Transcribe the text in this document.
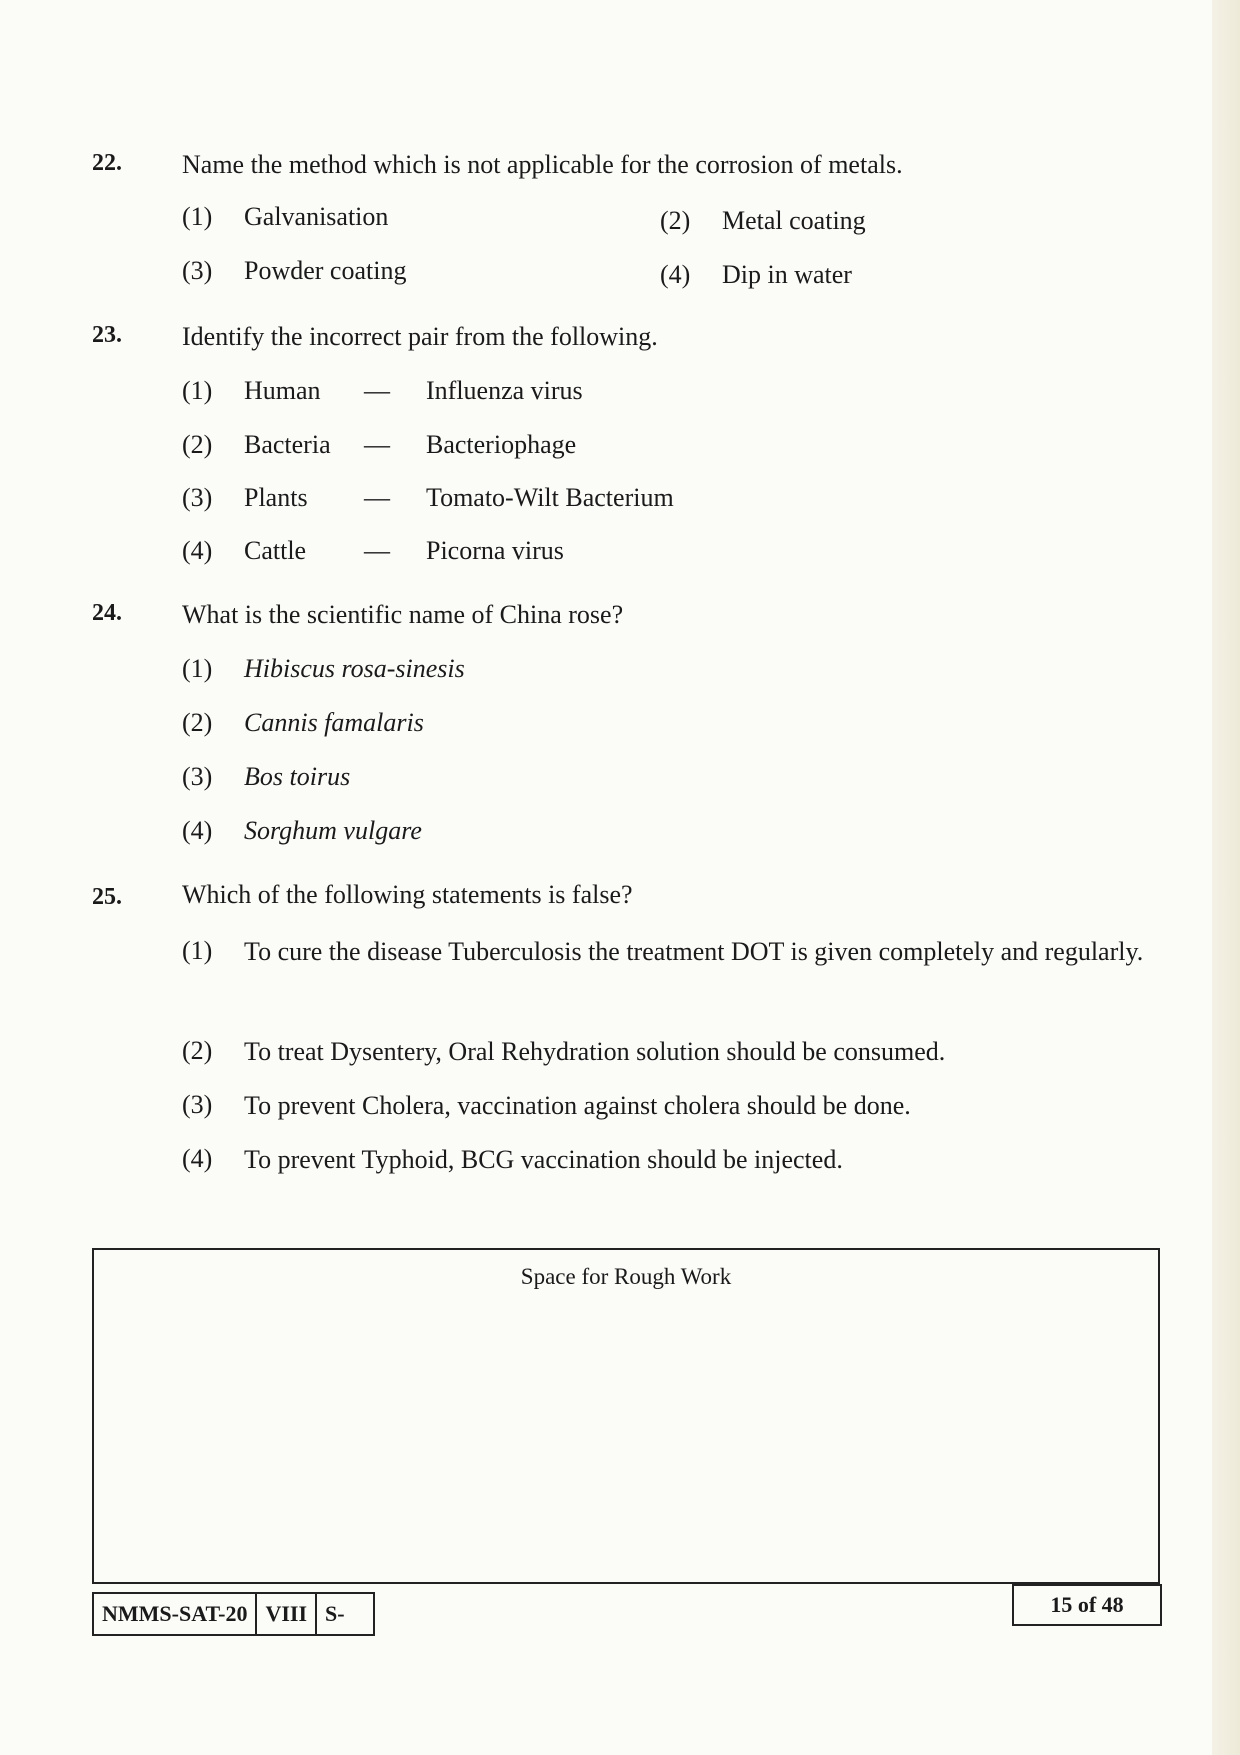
22. Name the method which is not applicable for the corrosion of metals.
(1) Galvanisation	(2) Metal coating
(3) Powder coating	(4) Dip in water
23. Identify the incorrect pair from the following.
(1) Human — Influenza virus
(2) Bacteria — Bacteriophage
(3) Plants — Tomato-Wilt Bacterium
(4) Cattle — Picorna virus
24. What is the scientific name of China rose?
(1) Hibiscus rosa-sinesis
(2) Cannis famalaris
(3) Bos toirus
(4) Sorghum vulgare
25. Which of the following statements is false?
(1) To cure the disease Tuberculosis the treatment DOT is given completely and regularly.
(2) To treat Dysentery, Oral Rehydration solution should be consumed.
(3) To prevent Cholera, vaccination against cholera should be done.
(4) To prevent Typhoid, BCG vaccination should be injected.
Space for Rough Work
NMMS-SAT-20 VIII S-	15 of 48
